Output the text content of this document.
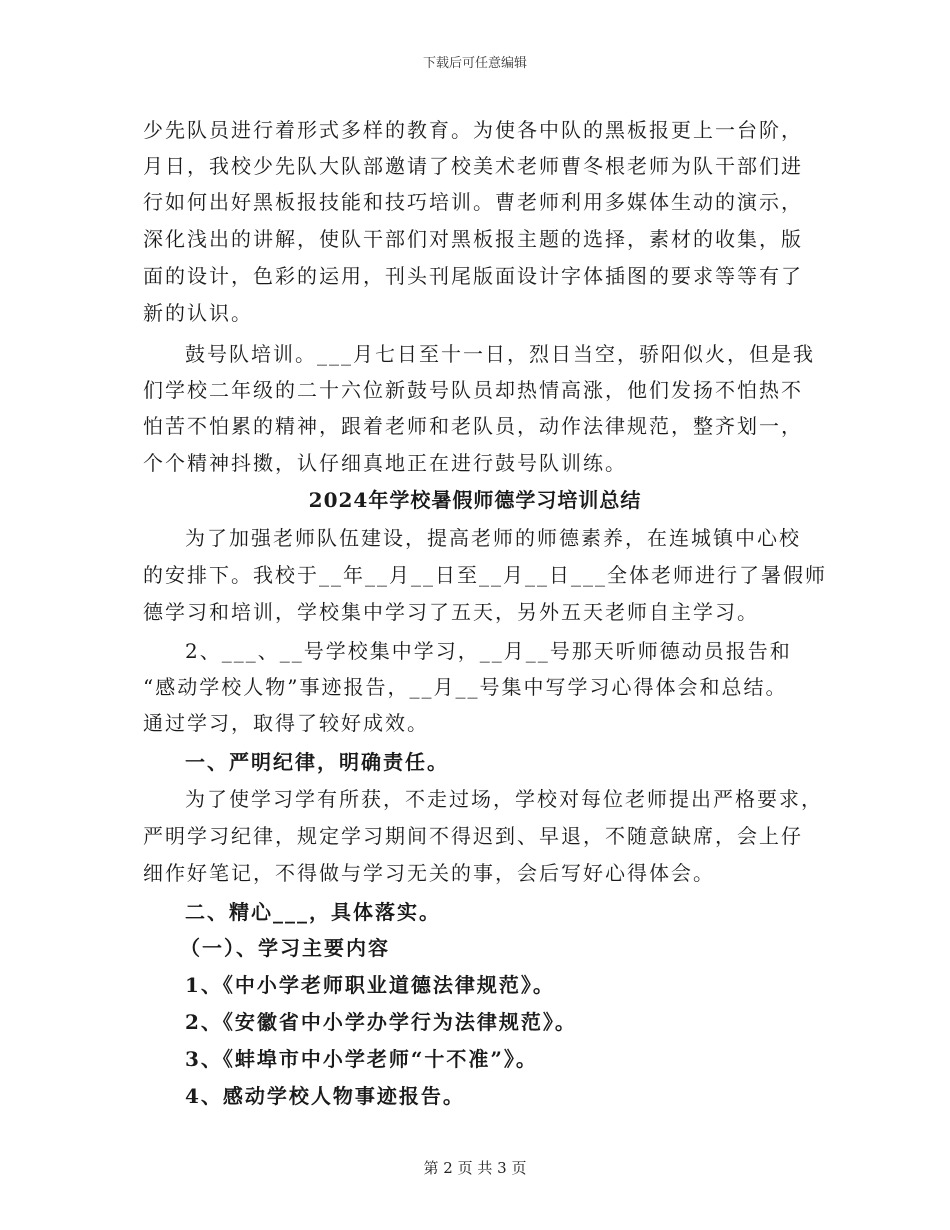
下载后可任意编辑
少先队员进行着形式多样的教育。为使各中队的黑板报更上一台阶，
月日，我校少先队大队部邀请了校美术老师曹冬根老师为队干部们进
行如何出好黑板报技能和技巧培训。曹老师利用多媒体生动的演示，
深化浅出的讲解，使队干部们对黑板报主题的选择，素材的收集，版
面的设计，色彩的运用，刊头刊尾版面设计字体插图的要求等等有了
新的认识。
鼓号队培训。___月七日至十一日，烈日当空，骄阳似火，但是我
们学校二年级的二十六位新鼓号队员却热情高涨，他们发扬不怕热不
怕苦不怕累的精神，跟着老师和老队员，动作法律规范，整齐划一，
个个精神抖擞，认仔细真地正在进行鼓号队训练。
2024年学校暑假师德学习培训总结
为了加强老师队伍建设，提高老师的师德素养，在连城镇中心校
的安排下。我校于__年__月__日至__月__日___全体老师进行了暑假师
德学习和培训，学校集中学习了五天，另外五天老师自主学习。
2、___、__号学校集中学习，__月__号那天听师德动员报告和
“感动学校人物”事迹报告，__月__号集中写学习心得体会和总结。
通过学习，取得了较好成效。
一、严明纪律，明确责任。
为了使学习学有所获，不走过场，学校对每位老师提出严格要求，
严明学习纪律，规定学习期间不得迟到、早退，不随意缺席，会上仔
细作好笔记，不得做与学习无关的事，会后写好心得体会。
二、精心___，具体落实。
（一）、学习主要内容
1、《中小学老师职业道德法律规范》。
2、《安徽省中小学办学行为法律规范》。
3、《蚌埠市中小学老师“十不准”》。
4、感动学校人物事迹报告。
第 2 页 共 3 页
